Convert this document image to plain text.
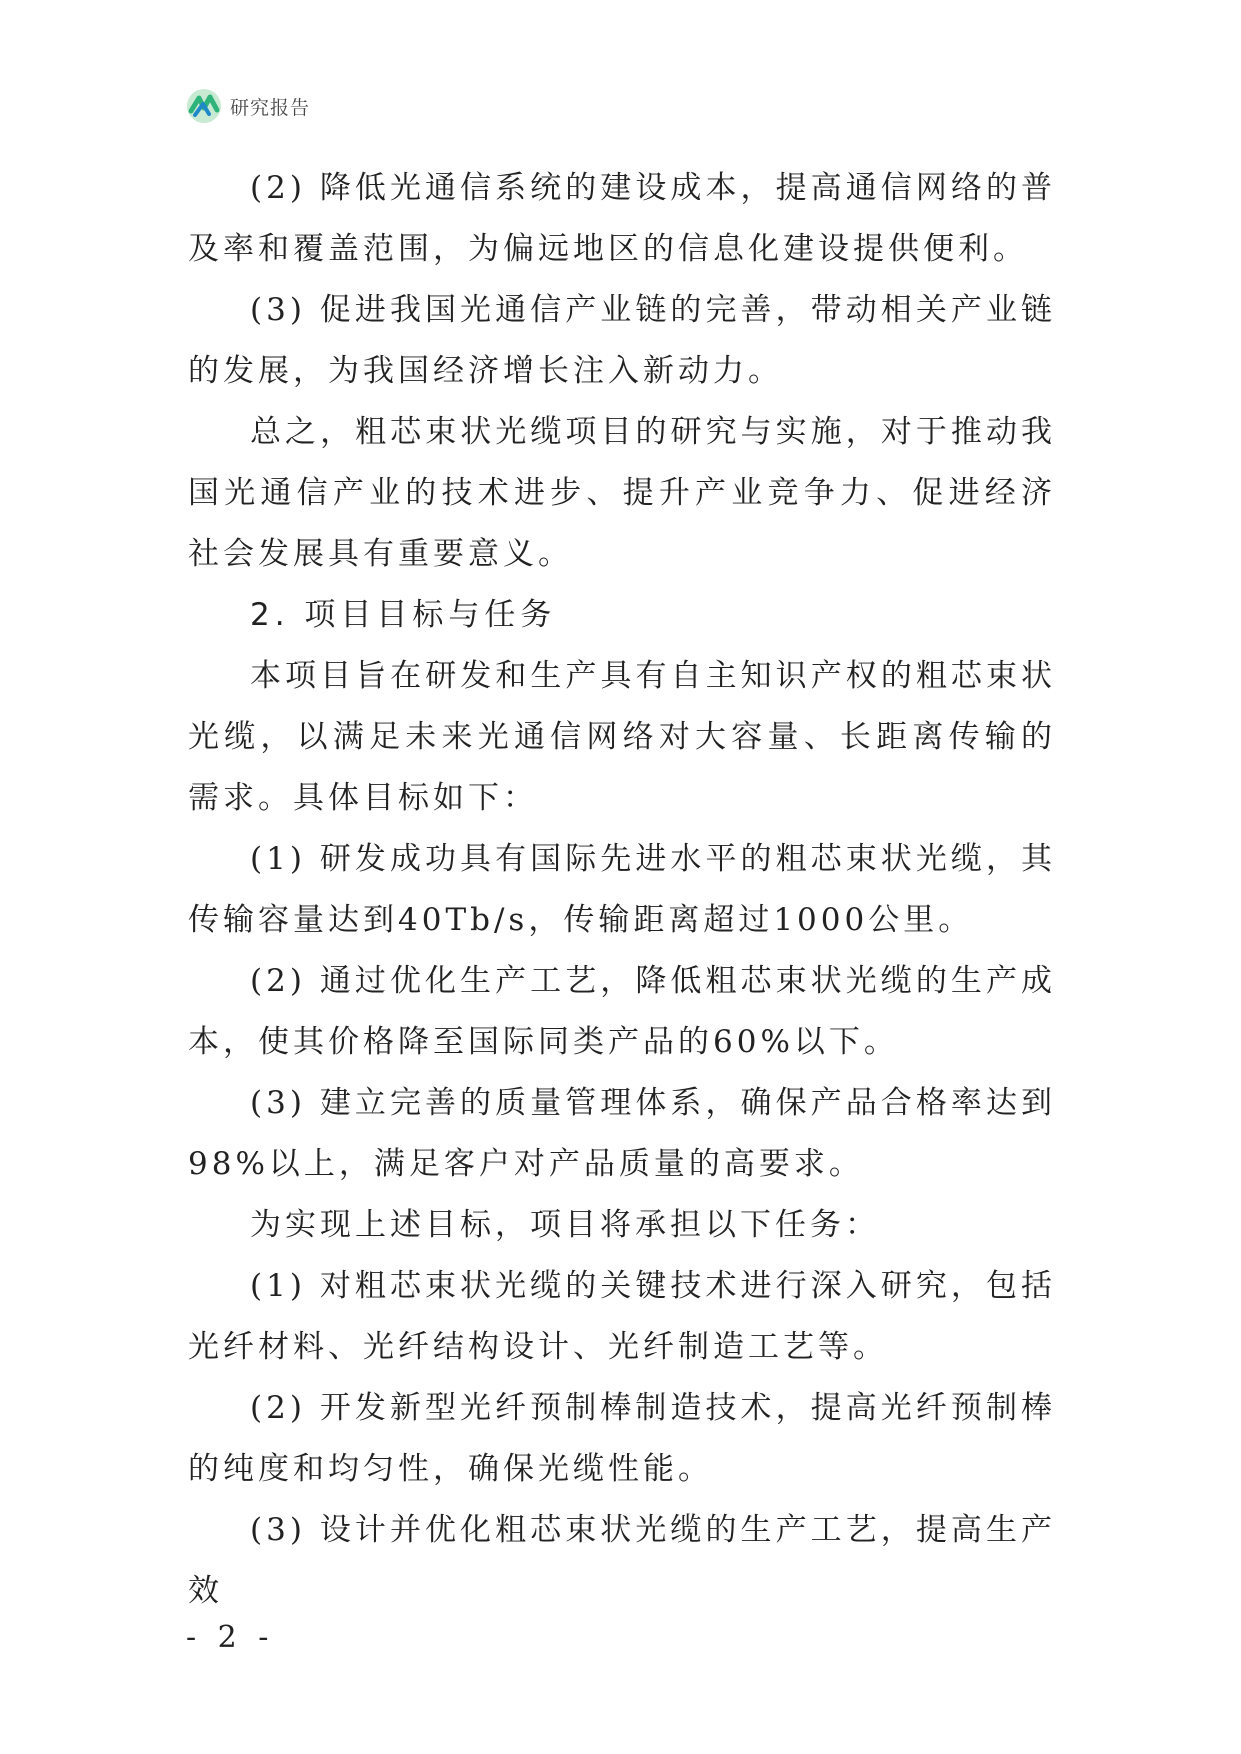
研究报告

(2) 降低光通信系统的建设成本，提高通信网络的普及率和覆盖范围，为偏远地区的信息化建设提供便利。

(3) 促进我国光通信产业链的完善，带动相关产业链的发展，为我国经济增长注入新动力。

总之，粗芯束状光缆项目的研究与实施，对于推动我国光通信产业的技术进步、提升产业竞争力、促进经济社会发展具有重要意义。

2. 项目目标与任务

本项目旨在研发和生产具有自主知识产权的粗芯束状光缆，以满足未来光通信网络对大容量、长距离传输的需求。具体目标如下：

(1) 研发成功具有国际先进水平的粗芯束状光缆，其传输容量达到40Tb/s，传输距离超过1000公里。

(2) 通过优化生产工艺，降低粗芯束状光缆的生产成本，使其价格降至国际同类产品的60%以下。

(3) 建立完善的质量管理体系，确保产品合格率达到98%以上，满足客户对产品质量的高要求。

为实现上述目标，项目将承担以下任务：

(1) 对粗芯束状光缆的关键技术进行深入研究，包括光纤材料、光纤结构设计、光纤制造工艺等。

(2) 开发新型光纤预制棒制造技术，提高光纤预制棒的纯度和均匀性，确保光缆性能。

(3) 设计并优化粗芯束状光缆的生产工艺，提高生产效

- 2 -
